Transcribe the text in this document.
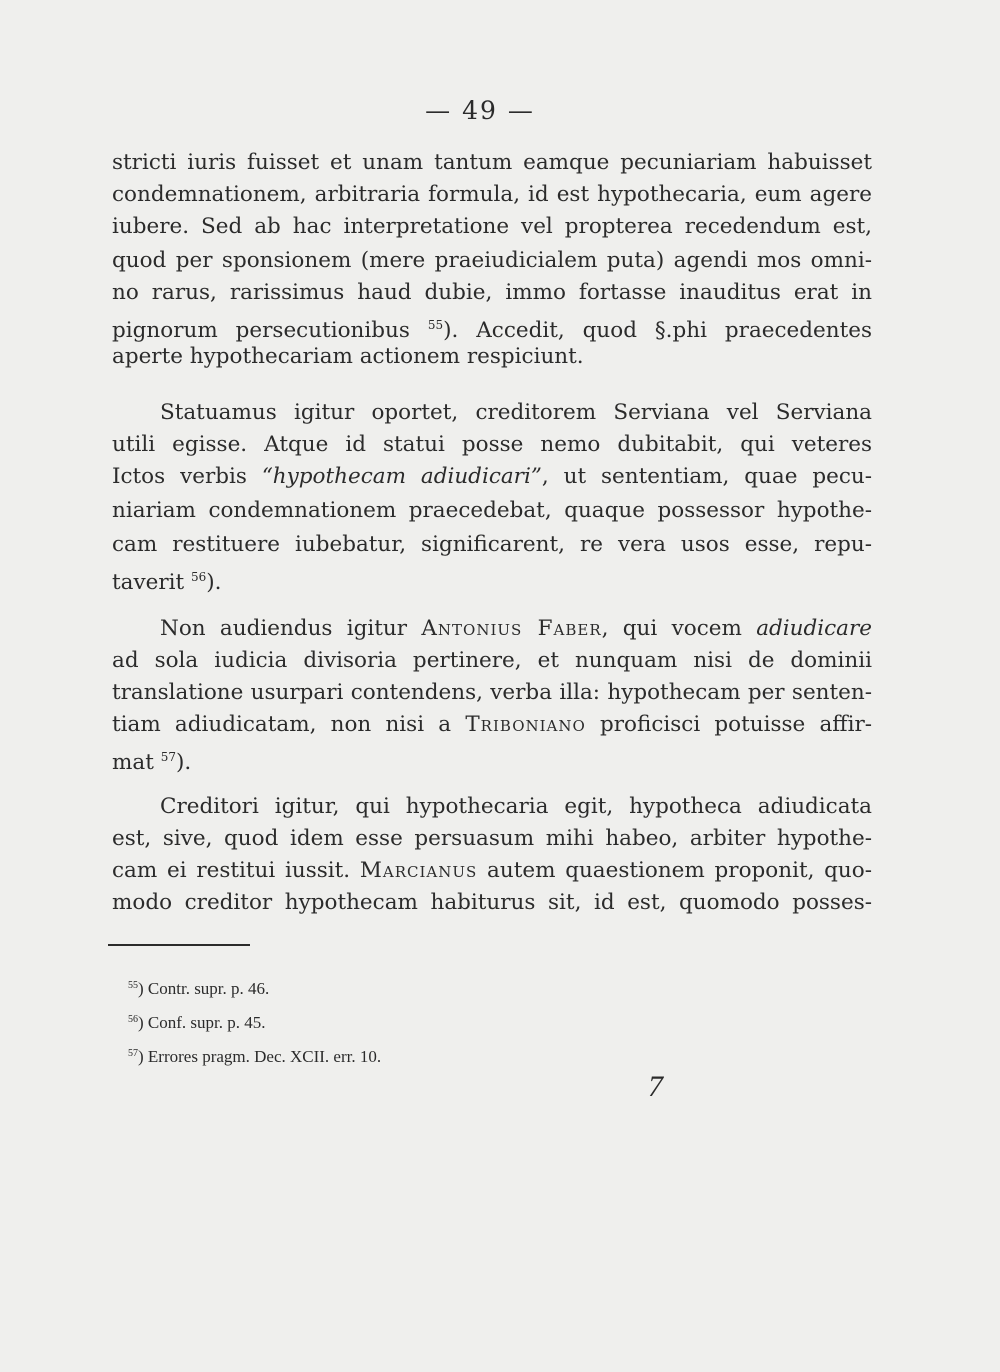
— 49 —
stricti iuris fuisset et unam tantum eamque pecuniariam habuisset
condemnationem, arbitraria formula, id est hypothecaria, eum agere
iubere. Sed ab hac interpretatione vel propterea recedendum est,
quod per sponsionem (mere praeiudicialem puta) agendi mos omni-
no rarus, rarissimus haud dubie, immo fortasse inauditus erat in
pignorum persecutionibus $^{55}$). Accedit, quod §.phi praecedentes
aperte hypothecariam actionem respiciunt.
Statuamus igitur oportet, creditorem Serviana vel Serviana
utili egisse. Atque id statui posse nemo dubitabit, qui veteres
Ictos verbis “hypothecam adiudicari”, ut sententiam, quae pecu-
niariam condemnationem praecedebat, quaque possessor hypothe-
cam restituere iubebatur, significarent, re vera usos esse, repu-
taverit $^{56}$).
Non audiendus igitur Antonius Faber, qui vocem adiudicare
ad sola iudicia divisoria pertinere, et nunquam nisi de dominii
translatione usurpari contendens, verba illa: hypothecam per senten-
tiam adiudicatam, non nisi a Triboniano proficisci potuisse affir-
mat $^{57}$).
Creditori igitur, qui hypothecaria egit, hypotheca adiudicata
est, sive, quod idem esse persuasum mihi habeo, arbiter hypothe-
cam ei restitui iussit. Marcianus autem quaestionem proponit, quo-
modo creditor hypothecam habiturus sit, id est, quomodo posses-
$^{55}$) Contr. supr. p. 46.
$^{56}$) Conf. supr. p. 45.
$^{57}$) Errores pragm. Dec. XCII. err. 10.
7
